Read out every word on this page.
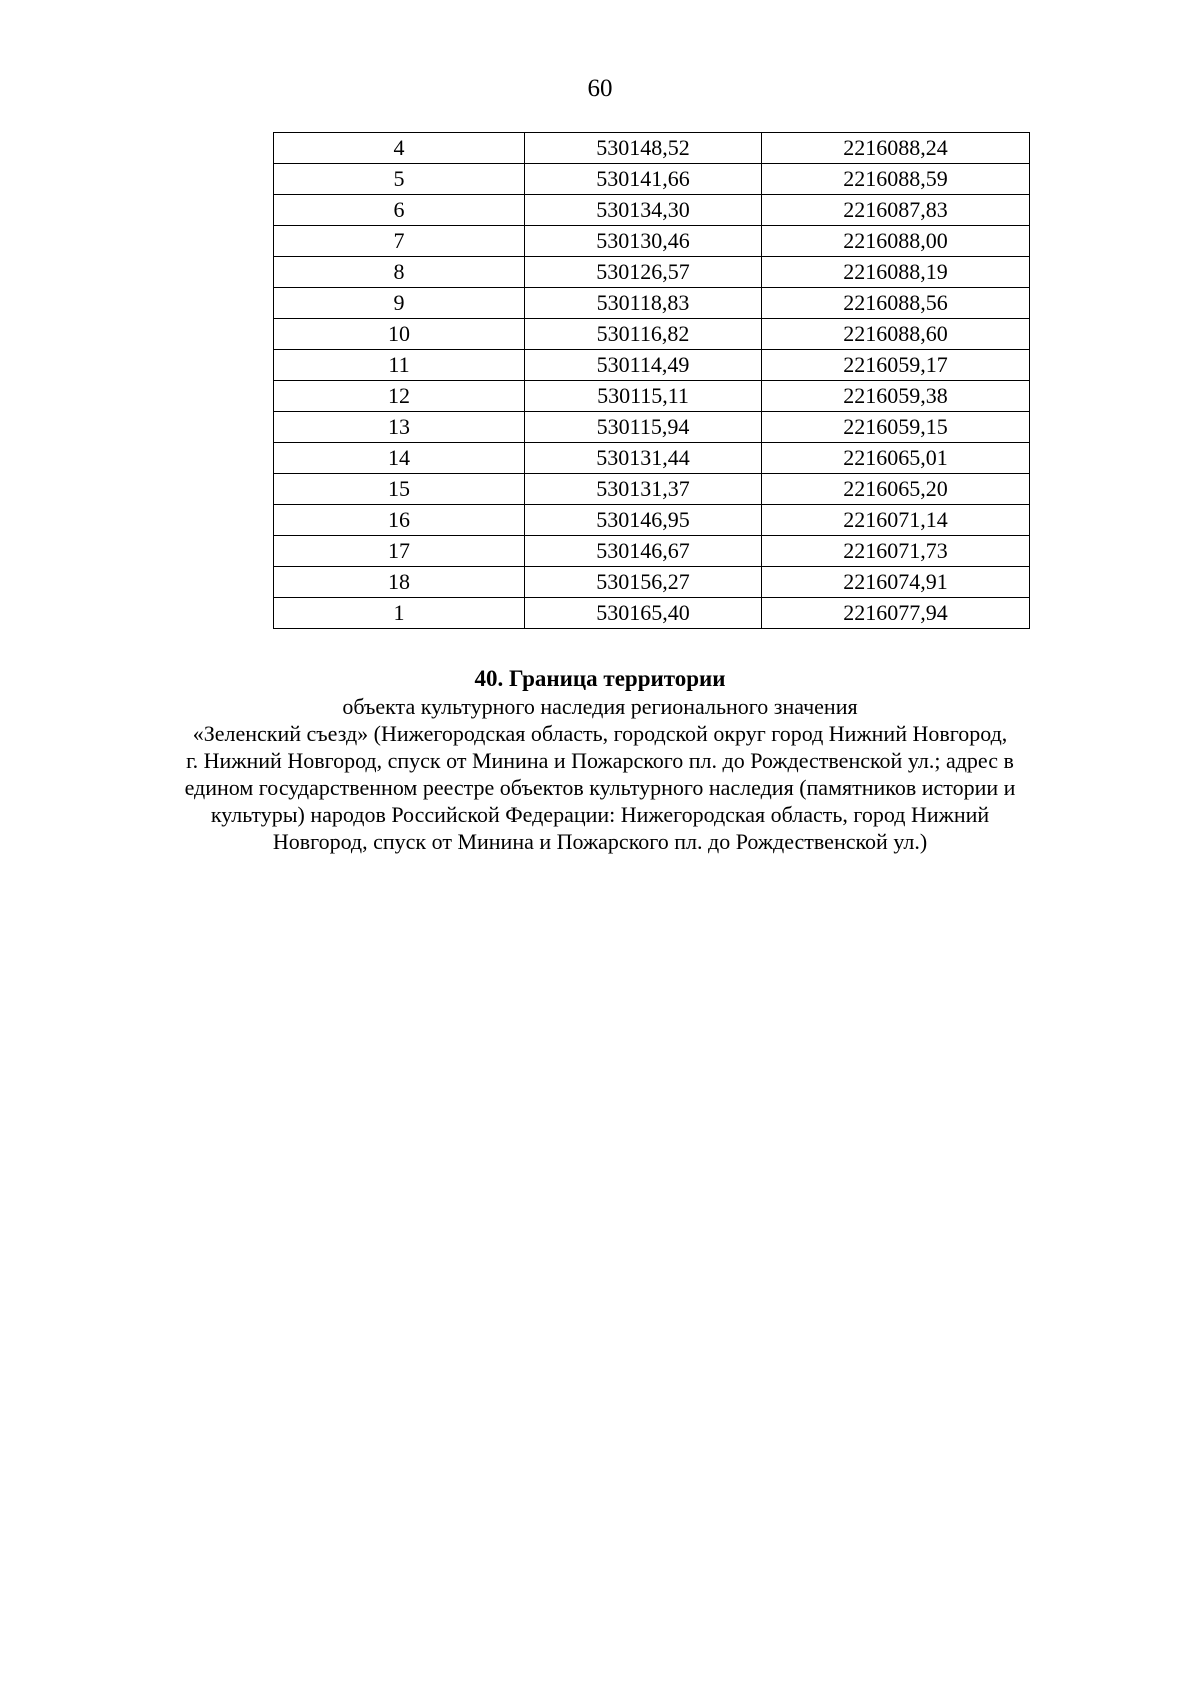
60
4	530148,52	2216088,24
5	530141,66	2216088,59
6	530134,30	2216087,83
7	530130,46	2216088,00
8	530126,57	2216088,19
9	530118,83	2216088,56
10	530116,82	2216088,60
11	530114,49	2216059,17
12	530115,11	2216059,38
13	530115,94	2216059,15
14	530131,44	2216065,01
15	530131,37	2216065,20
16	530146,95	2216071,14
17	530146,67	2216071,73
18	530156,27	2216074,91
1	530165,40	2216077,94

40. Граница территории

объекта культурного наследия регионального значения

«Зеленский съезд» (Нижегородская область, городской округ город Нижний Новгород,

г. Нижний Новгород, спуск от Минина и Пожарского пл. до Рождественской ул.; адрес в

едином государственном реестре объектов культурного наследия (памятников истории и

культуры) народов Российской Федерации: Нижегородская область, город Нижний

Новгород, спуск от Минина и Пожарского пл. до Рождественской ул.)
